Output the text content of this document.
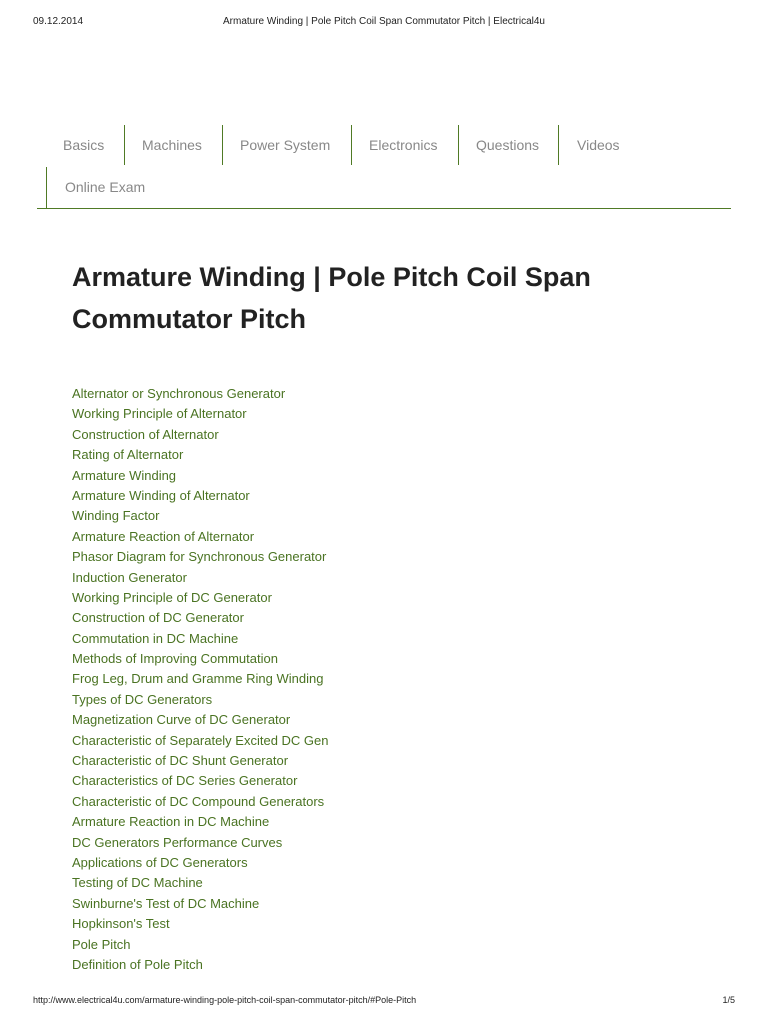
09.12.2014	Armature Winding | Pole Pitch Coil Span Commutator Pitch | Electrical4u
Basics	Machines	Power System	Electronics	Questions	Videos
Online Exam
Armature Winding | Pole Pitch Coil Span Commutator Pitch
Alternator or Synchronous Generator
Working Principle of Alternator
Construction of Alternator
Rating of Alternator
Armature Winding
Armature Winding of Alternator
Winding Factor
Armature Reaction of Alternator
Phasor Diagram for Synchronous Generator
Induction Generator
Working Principle of DC Generator
Construction of DC Generator
Commutation in DC Machine
Methods of Improving Commutation
Frog Leg, Drum and Gramme Ring Winding
Types of DC Generators
Magnetization Curve of DC Generator
Characteristic of Separately Excited DC Gen
Characteristic of DC Shunt Generator
Characteristics of DC Series Generator
Characteristic of DC Compound Generators
Armature Reaction in DC Machine
DC Generators Performance Curves
Applications of DC Generators
Testing of DC Machine
Swinburne's Test of DC Machine
Hopkinson's Test
Pole Pitch
Definition of Pole Pitch
http://www.electrical4u.com/armature-winding-pole-pitch-coil-span-commutator-pitch/#Pole-Pitch	1/5
